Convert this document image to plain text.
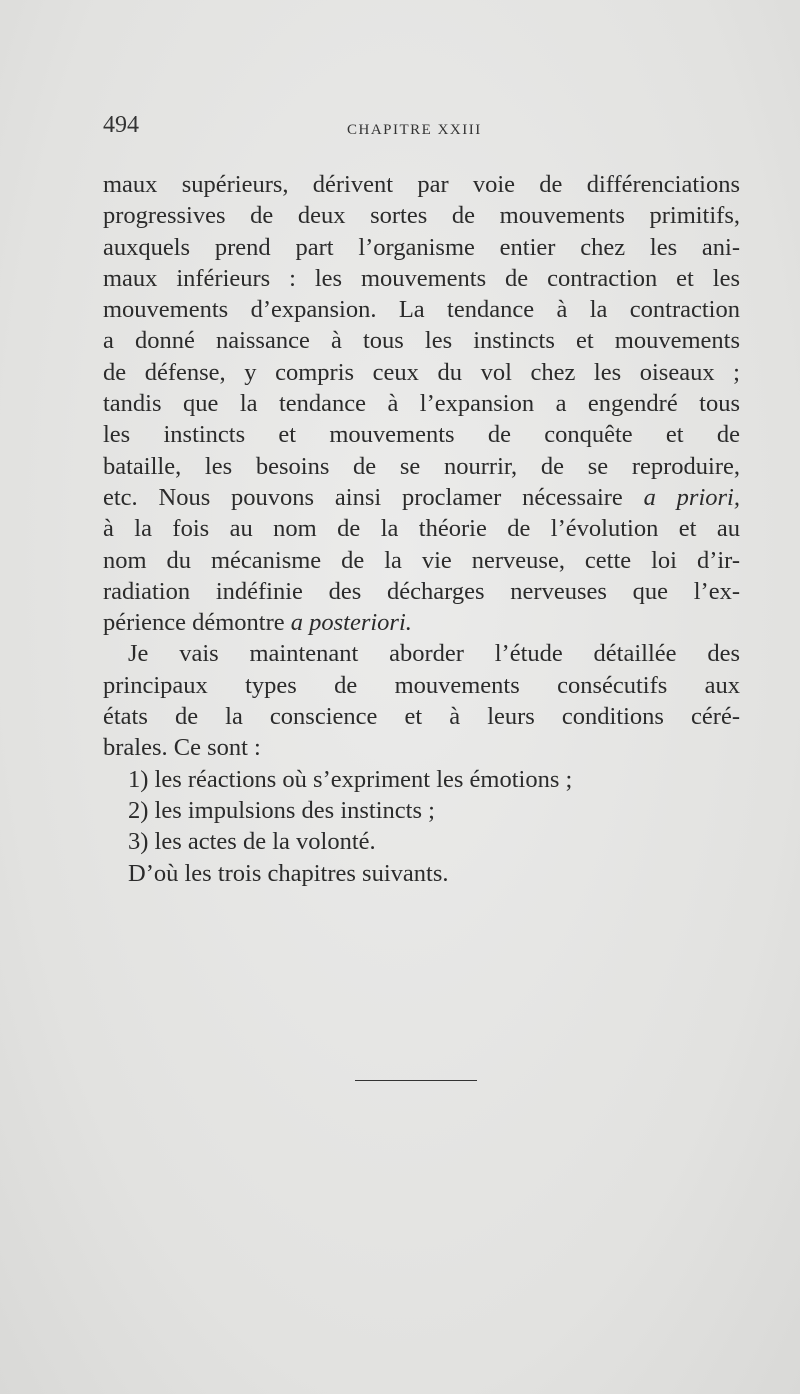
494	CHAPITRE XXIII
maux supérieurs, dérivent par voie de différenciations
progressives de deux sortes de mouvements primitifs,
auxquels prend part l’organisme entier chez les ani-
maux inférieurs : les mouvements de contraction et les
mouvements d’expansion. La tendance à la contraction
a donné naissance à tous les instincts et mouvements
de défense, y compris ceux du vol chez les oiseaux ;
tandis que la tendance à l’expansion a engendré tous
les instincts et mouvements de conquête et de
bataille, les besoins de se nourrir, de se reproduire,
etc. Nous pouvons ainsi proclamer nécessaire a priori,
à la fois au nom de la théorie de l’évolution et au
nom du mécanisme de la vie nerveuse, cette loi d’ir-
radiation indéfinie des décharges nerveuses que l’ex-
périence démontre a posteriori.
Je vais maintenant aborder l’étude détaillée des
principaux types de mouvements consécutifs aux
états de la conscience et à leurs conditions céré-
brales. Ce sont :
1) les réactions où s’expriment les émotions ;
2) les impulsions des instincts ;
3) les actes de la volonté.
D’où les trois chapitres suivants.
